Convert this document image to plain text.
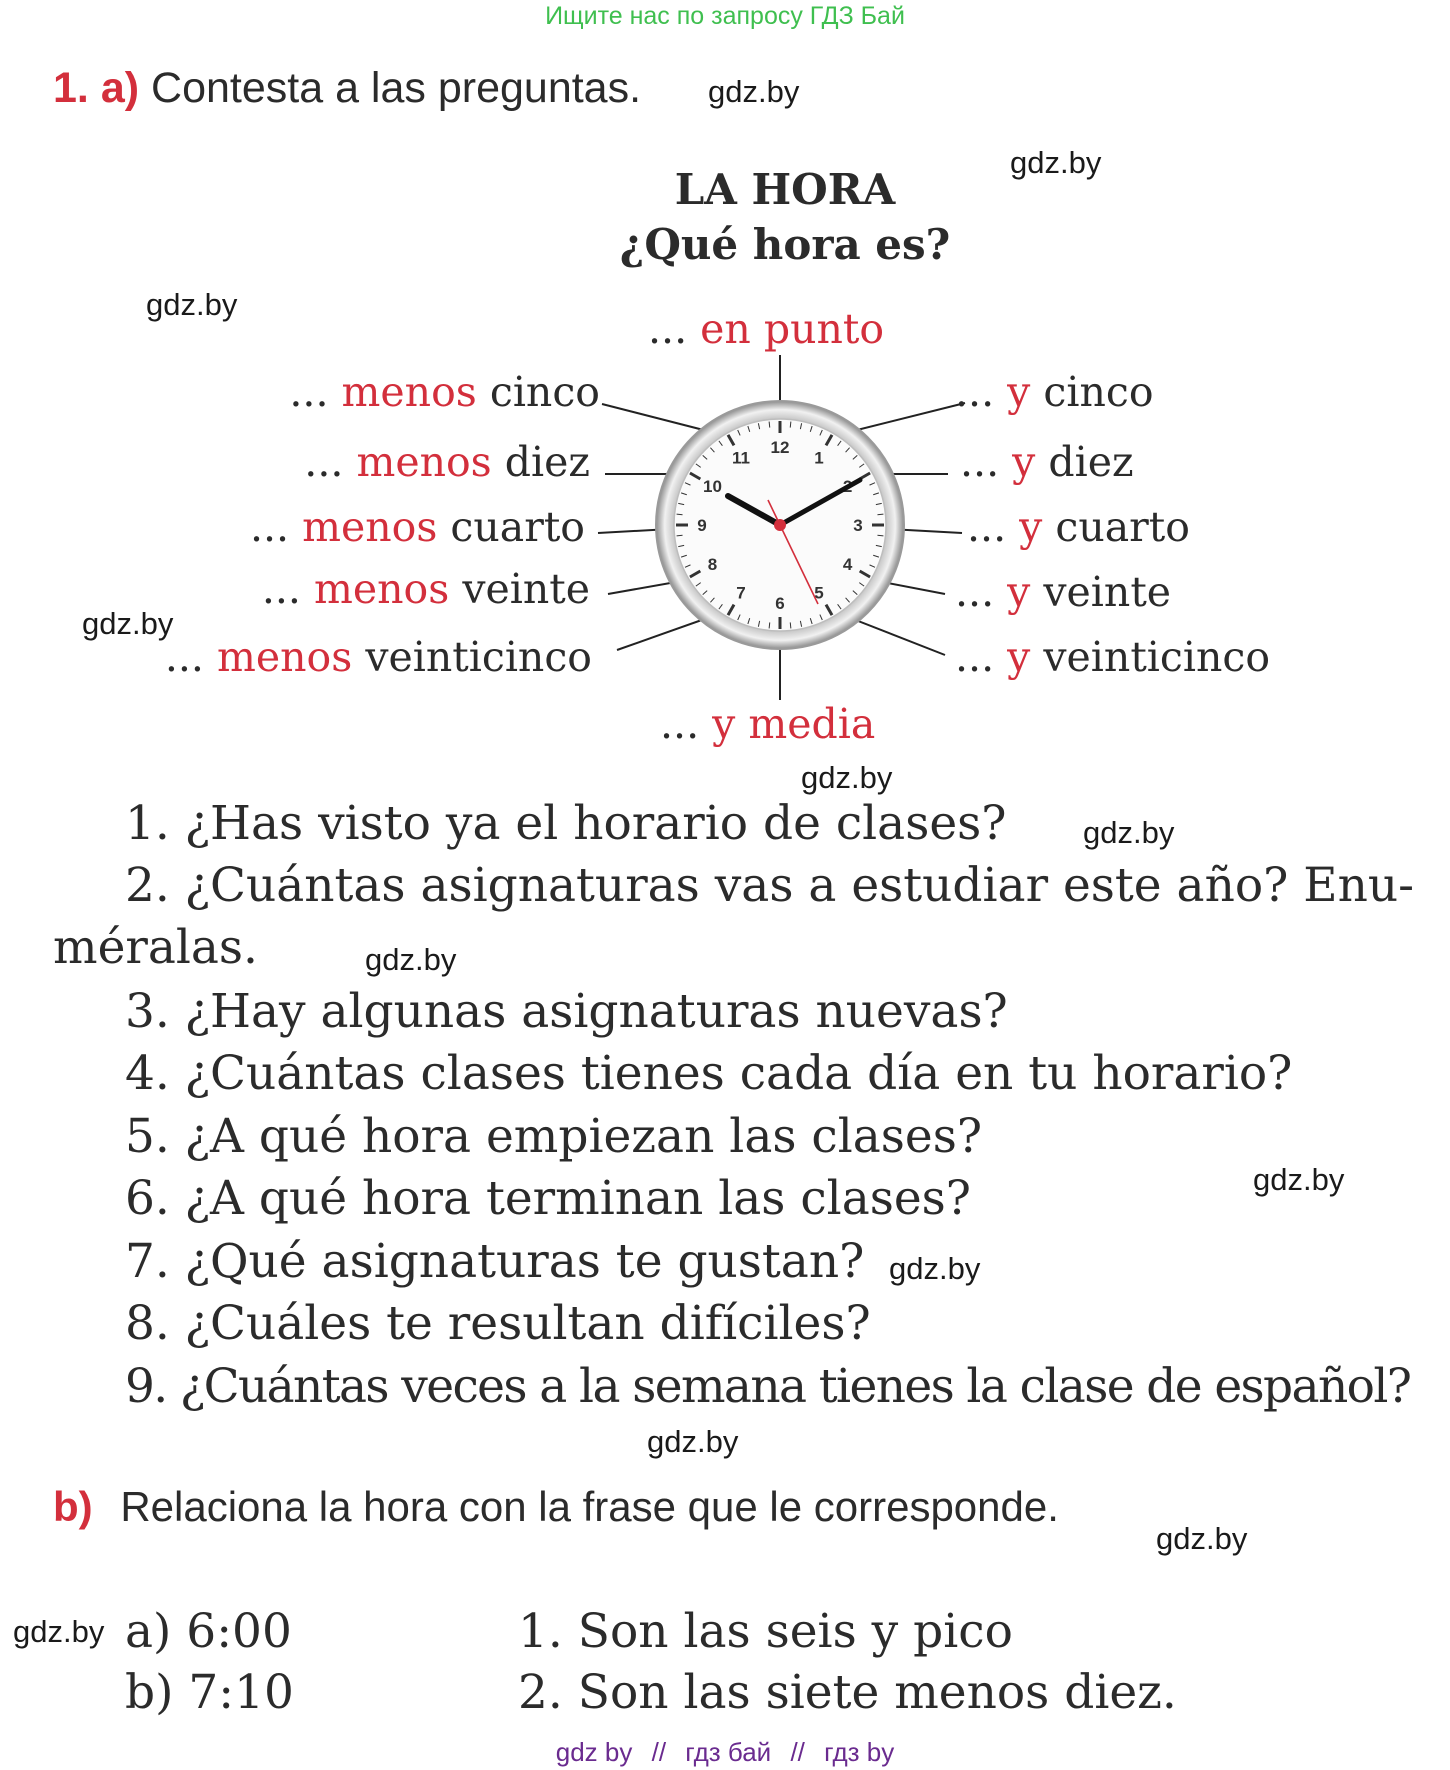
Ищите нас по запросу ГДЗ Бай
1. a) Contesta a las preguntas. gdz.by
gdz.by
gdz.by
gdz.by
gdz.by
gdz.by
gdz.by
gdz.by
gdz.by
gdz.by
gdz.by
gdz.by
LA HORA
¿Qué hora es?
12
1
3
4
5
6
7
8
9
10
11
... en punto
... y media
... menos cinco
... menos diez
... menos cuarto
... menos veinte
... menos veinticinco
... y cinco
... y diez
... y cuarto
... y veinte
... y veinticinco
1. ¿Has visto ya el horario de clases?
2. ¿Cuántas asignaturas vas a estudiar este año? Enu-
méralas.
3. ¿Hay algunas asignaturas nuevas?
4. ¿Cuántas clases tienes cada día en tu horario?
5. ¿A qué hora empiezan las clases?
6. ¿A qué hora terminan las clases?
7. ¿Qué asignaturas te gustan?
8. ¿Cuáles te resultan difíciles?
9. ¿Cuántas veces a la semana tienes la clase de español?
b) Relaciona la hora con la frase que le corresponde.
a) 6:00
b) 7:10
1. Son las seis y pico
2. Son las siete menos diez.
gdz by // гдз бай // гдз by
